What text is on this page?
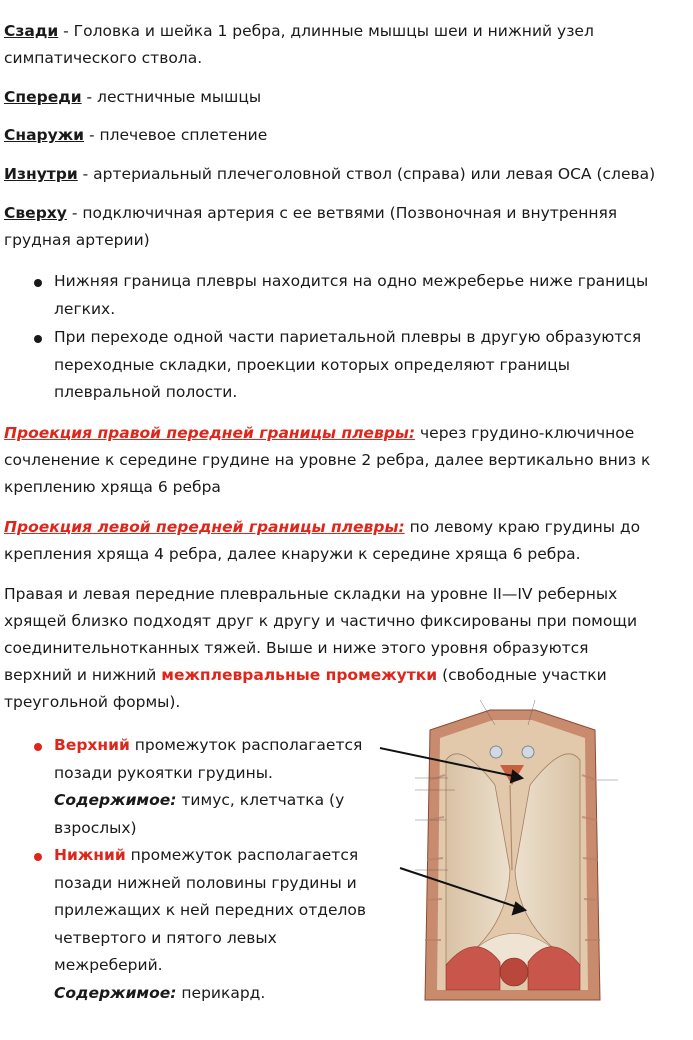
Сзади - Головка и шейка 1 ребра, длинные мышцы шеи и нижний узел
симпатического ствола.
Спереди - лестничные мышцы
Снаружи - плечевое сплетение
Изнутри - артериальный плечеголовной ствол (справа) или левая ОСА (слева)
Сверху - подключичная артерия с ее ветвями (Позвоночная и внутренняя
грудная артерии)
Нижняя граница плевры находится на одно межреберье ниже границы
легких.
При переходе одной части париетальной плевры в другую образуются
переходные складки, проекции которых определяют границы
плевральной полости.
Проекция правой передней границы плевры: через грудино-ключичное
сочленение к середине грудине на уровне 2 ребра, далее вертикально вниз к
креплению хряща 6 ребра
Проекция левой передней границы плевры: по левому краю грудины до
крепления хряща 4 ребра, далее кнаружи к середине хряща 6 ребра.
Правая и левая передние плевральные складки на уровне II—IV реберных
хрящей близко подходят друг к другу и частично фиксированы при помощи
соединительнотканных тяжей. Выше и ниже этого уровня образуются
верхний и нижний межплевральные промежутки (свободные участки
треугольной формы).
Верхний промежуток располагается
позади рукоятки грудины.
Содержимое: тимус, клетчатка (у
взрослых)
Нижний промежуток располагается
позади нижней половины грудины и
прилежащих к ней передних отделов
четвертого и пятого левых
межреберий.
Содержимое: перикард.
